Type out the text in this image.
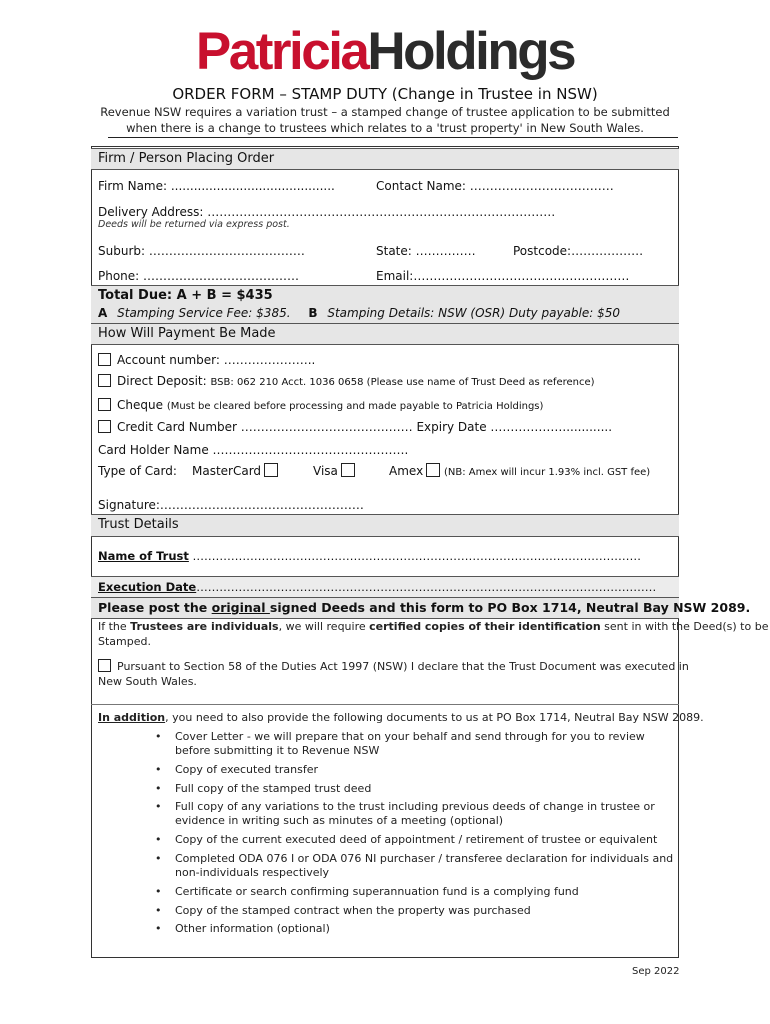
PatriciaHoldings
ORDER FORM – STAMP DUTY (Change in Trustee in NSW)
Revenue NSW requires a variation trust – a stamped change of trustee application to be submitted
when there is a change to trustees which relates to a 'trust property' in New South Wales.
Firm / Person Placing Order
Firm Name: ...........................................	Contact Name: ………………………………
Delivery Address: ……………………………………………………………………………
Deeds will be returned via express post.
Suburb: …………………………………	State: ……………	Postcode:………………
Phone: …………………………………	Email:………………………………………………
Total Due: A + B = $435
A Stamping Service Fee: $385. B Stamping Details: NSW (OSR) Duty payable: $50
How Will Payment Be Made
Account number: …………………..
Direct Deposit: BSB: 062 210 Acct. 1036 0658 (Please use name of Trust Deed as reference)
Cheque (Must be cleared before processing and made payable to Patricia Holdings)
Credit Card Number ……………………………….…… Expiry Date ……………….............
Card Holder Name ………………………………………….
Type of Card: MasterCard	Visa	Amex (NB: Amex will incur 1.93% incl. GST fee)
Signature:……………………………………………
Trust Details
Name of Trust ………………………………………………………………………………………………………
Execution Date…………………………………………………………………………………………………………
Please post the original signed Deeds and this form to PO Box 1714, Neutral Bay NSW 2089.
If the Trustees are individuals, we will require certified copies of their identification sent in with the Deed(s) to be
Stamped.
Pursuant to Section 58 of the Duties Act 1997 (NSW) I declare that the Trust Document was executed in
New South Wales.
In addition, you need to also provide the following documents to us at PO Box 1714, Neutral Bay NSW 2089.
• Cover Letter - we will prepare that on your behalf and send through for you to review before submitting it to Revenue NSW
• Copy of executed transfer
• Full copy of the stamped trust deed
• Full copy of any variations to the trust including previous deeds of change in trustee or evidence in writing such as minutes of a meeting (optional)
• Copy of the current executed deed of appointment / retirement of trustee or equivalent
• Completed ODA 076 I or ODA 076 NI purchaser / transferee declaration for individuals and non-individuals respectively
• Certificate or search confirming superannuation fund is a complying fund
• Copy of the stamped contract when the property was purchased
• Other information (optional)
Sep 2022
